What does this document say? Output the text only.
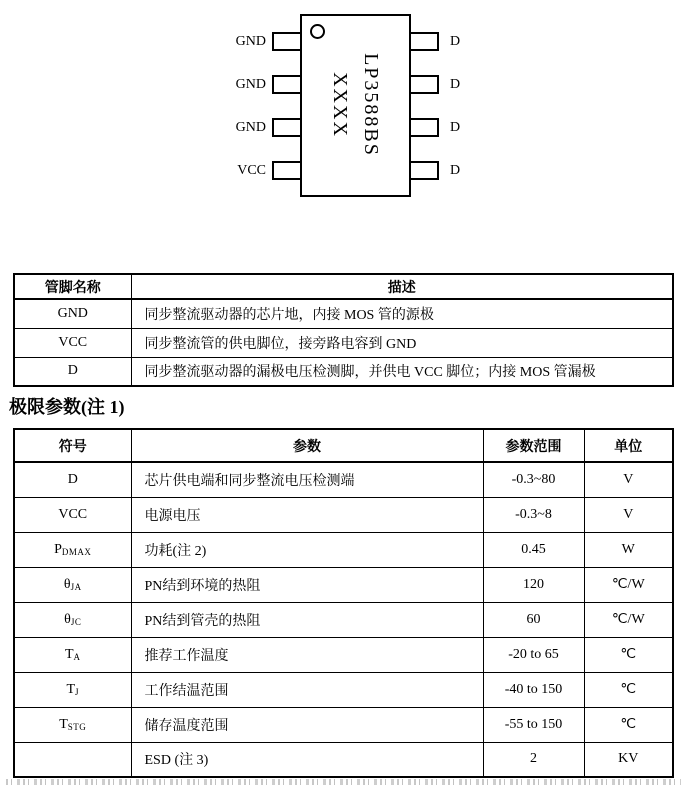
GND
GND
GND
VCC
LP3588BS
XXXX
D
D
D
D
管脚名称	描述
GND	同步整流驱动器的芯片地，内接 MOS 管的源极
VCC	同步整流管的供电脚位，接旁路电容到 GND
D	同步整流驱动器的漏极电压检测脚，并供电 VCC 脚位；内接 MOS 管漏极
极限参数(注 1)
符号	参数	参数范围	单位
D	芯片供电端和同步整流电压检测端	-0.3~80	V
VCC	电源电压	-0.3~8	V
PDMAX	功耗(注 2)	0.45	W
θJA	PN结到环境的热阻	120	℃/W
θJC	PN结到管壳的热阻	60	℃/W
TA	推荐工作温度	-20 to 65	℃
TJ	工作结温范围	-40 to 150	℃
TSTG	储存温度范围	-55 to 150	℃
	ESD (注 3)	2	KV
